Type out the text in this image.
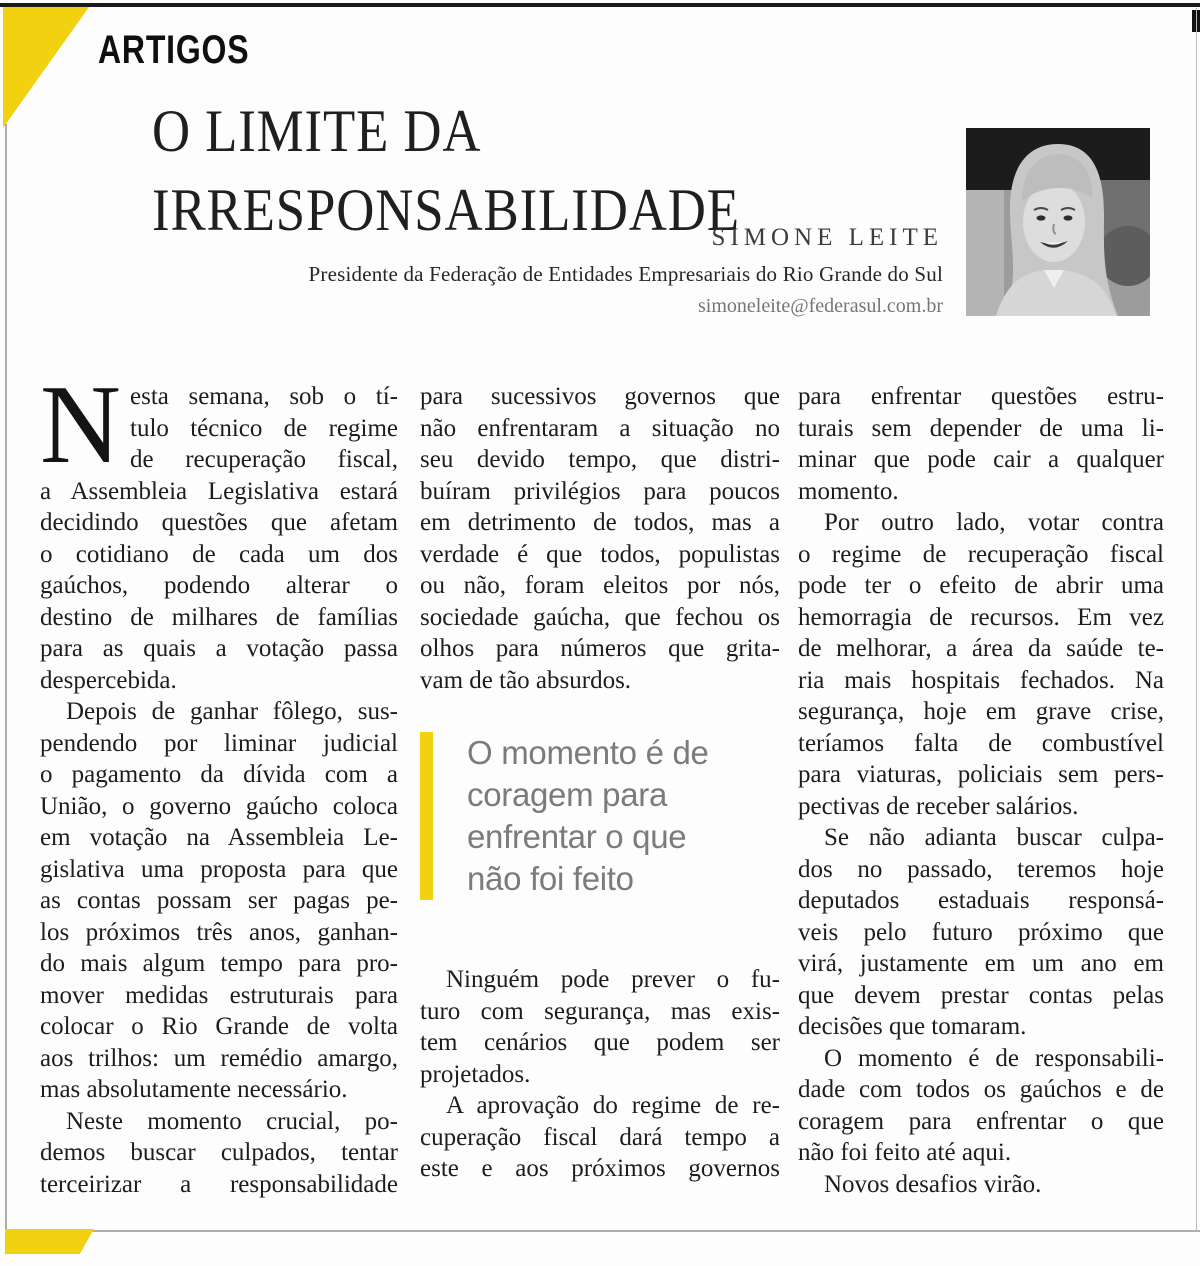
ARTIGOS
O LIMITE DA
IRRESPONSABILIDADE
SIMONE LEITE
Presidente da Federação de Entidades Empresariais do Rio Grande do Sul
simoneleite@federasul.com.br
N esta semana, sob o tí-
tulo técnico de regime
de recuperação fiscal,
a Assembleia Legislativa estará
decidindo questões que afetam
o cotidiano de cada um dos
gaúchos, podendo alterar o
destino de milhares de famílias
para as quais a votação passa
despercebida.
Depois de ganhar fôlego, sus-
pendendo por liminar judicial
o pagamento da dívida com a
União, o governo gaúcho coloca
em votação na Assembleia Le-
gislativa uma proposta para que
as contas possam ser pagas pe-
los próximos três anos, ganhan-
do mais algum tempo para pro-
mover medidas estruturais para
colocar o Rio Grande de volta
aos trilhos: um remédio amargo,
mas absolutamente necessário.
Neste momento crucial, po-
demos buscar culpados, tentar
terceirizar a responsabilidade
para sucessivos governos que
não enfrentaram a situação no
seu devido tempo, que distri-
buíram privilégios para poucos
em detrimento de todos, mas a
verdade é que todos, populistas
ou não, foram eleitos por nós,
sociedade gaúcha, que fechou os
olhos para números que grita-
vam de tão absurdos.
O momento é de
coragem para
enfrentar o que
não foi feito
Ninguém pode prever o fu-
turo com segurança, mas exis-
tem cenários que podem ser
projetados.
A aprovação do regime de re-
cuperação fiscal dará tempo a
este e aos próximos governos
para enfrentar questões estru-
turais sem depender de uma li-
minar que pode cair a qualquer
momento.
Por outro lado, votar contra
o regime de recuperação fiscal
pode ter o efeito de abrir uma
hemorragia de recursos. Em vez
de melhorar, a área da saúde te-
ria mais hospitais fechados. Na
segurança, hoje em grave crise,
teríamos falta de combustível
para viaturas, policiais sem pers-
pectivas de receber salários.
Se não adianta buscar culpa-
dos no passado, teremos hoje
deputados estaduais responsá-
veis pelo futuro próximo que
virá, justamente em um ano em
que devem prestar contas pelas
decisões que tomaram.
O momento é de responsabili-
dade com todos os gaúchos e de
coragem para enfrentar o que
não foi feito até aqui.
Novos desafios virão.
